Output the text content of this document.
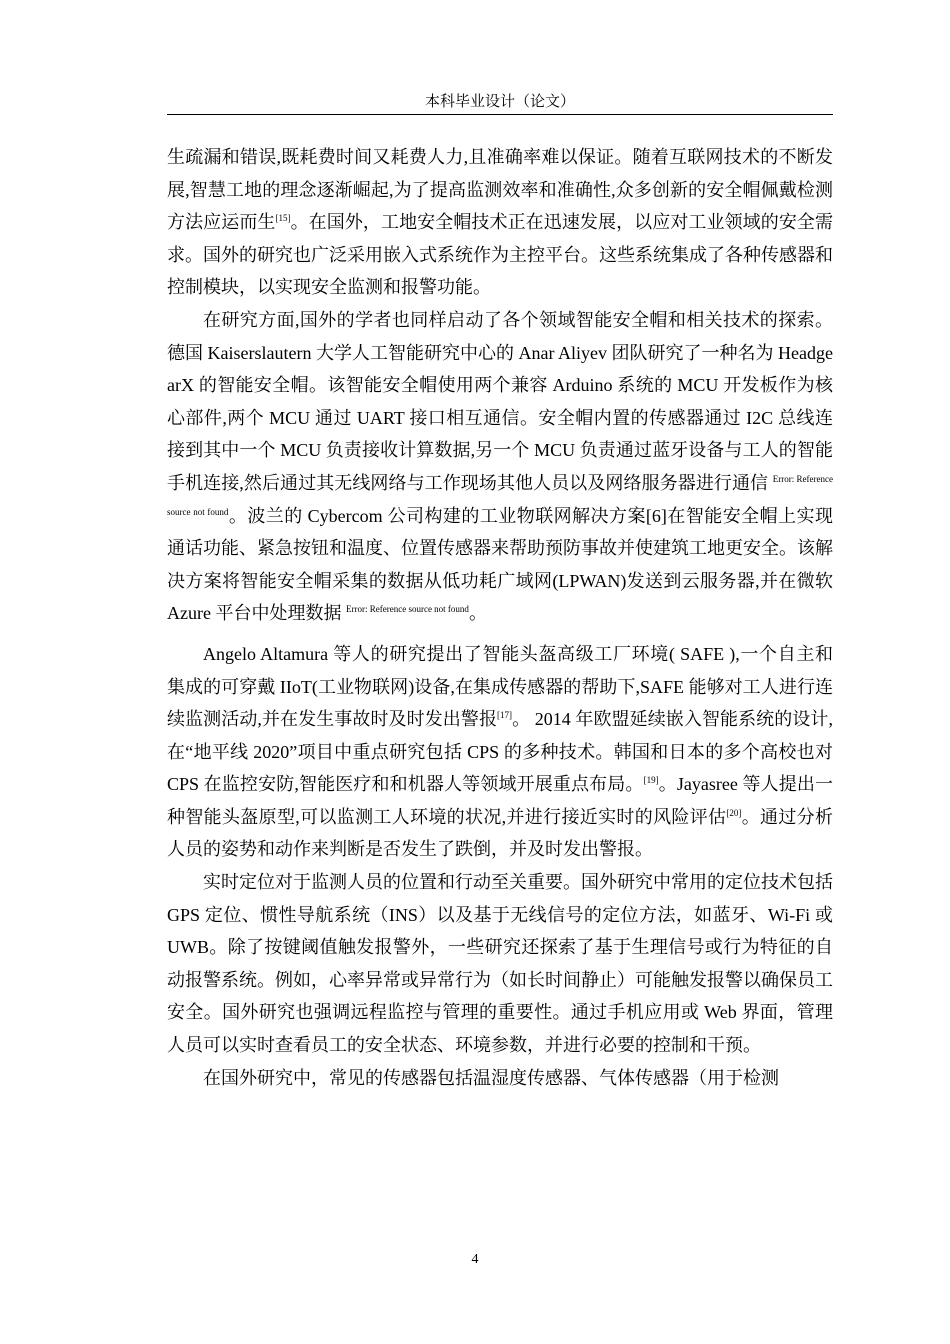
本科毕业设计（论文）

生疏漏和错误,既耗费时间又耗费人力,且准确率难以保证。随着互联网技术的不断发展,智慧工地的理念逐渐崛起,为了提高监测效率和准确性,众多创新的安全帽佩戴检测方法应运而生[15]。在国外，工地安全帽技术正在迅速发展，以应对工业领域的安全需求。国外的研究也广泛采用嵌入式系统作为主控平台。这些系统集成了各种传感器和控制模块，以实现安全监测和报警功能。

在研究方面,国外的学者也同样启动了各个领域智能安全帽和相关技术的探索。德国 Kaiserslautern 大学人工智能研究中心的 Anar Aliyev 团队研究了一种名为 HeadgearX 的智能安全帽。该智能安全帽使用两个兼容 Arduino 系统的 MCU 开发板作为核心部件,两个 MCU 通过 UART 接口相互通信。安全帽内置的传感器通过 I2C 总线连接到其中一个 MCU 负责接收计算数据,另一个 MCU 负责通过蓝牙设备与工人的智能手机连接,然后通过其无线网络与工作现场其他人员以及网络服务器进行通信 $^{Error: Reference source not found}$。波兰的 Cybercom 公司构建的工业物联网解决方案[6]在智能安全帽上实现通话功能、紧急按钮和温度、位置传感器来帮助预防事故并使建筑工地更安全。该解决方案将智能安全帽采集的数据从低功耗广域网(LPWAN)发送到云服务器,并在微软 Azure 平台中处理数据 $^{Error: Reference source not found}$。

Angelo Altamura 等人的研究提出了智能头盔高级工厂环境( SAFE ),一个自主和集成的可穿戴 IIoT(工业物联网)设备,在集成传感器的帮助下,SAFE 能够对工人进行连续监测活动,并在发生事故时及时发出警报[17]。 2014 年欧盟延续嵌入智能系统的设计,在“地平线 2020”项目中重点研究包括 CPS 的多种技术。韩国和日本的多个高校也对 CPS 在监控安防,智能医疗和和机器人等领域开展重点布局。[19]。Jayasree 等人提出一种智能头盔原型,可以监测工人环境的状况,并进行接近实时的风险评估[20]。通过分析人员的姿势和动作来判断是否发生了跌倒，并及时发出警报。

实时定位对于监测人员的位置和行动至关重要。国外研究中常用的定位技术包括 GPS 定位、惯性导航系统（INS）以及基于无线信号的定位方法，如蓝牙、Wi-Fi 或 UWB。除了按键阈值触发报警外，一些研究还探索了基于生理信号或行为特征的自动报警系统。例如，心率异常或异常行为（如长时间静止）可能触发报警以确保员工安全。国外研究也强调远程监控与管理的重要性。通过手机应用或 Web 界面，管理人员可以实时查看员工的安全状态、环境参数，并进行必要的控制和干预。

在国外研究中，常见的传感器包括温湿度传感器、气体传感器（用于检测

4
